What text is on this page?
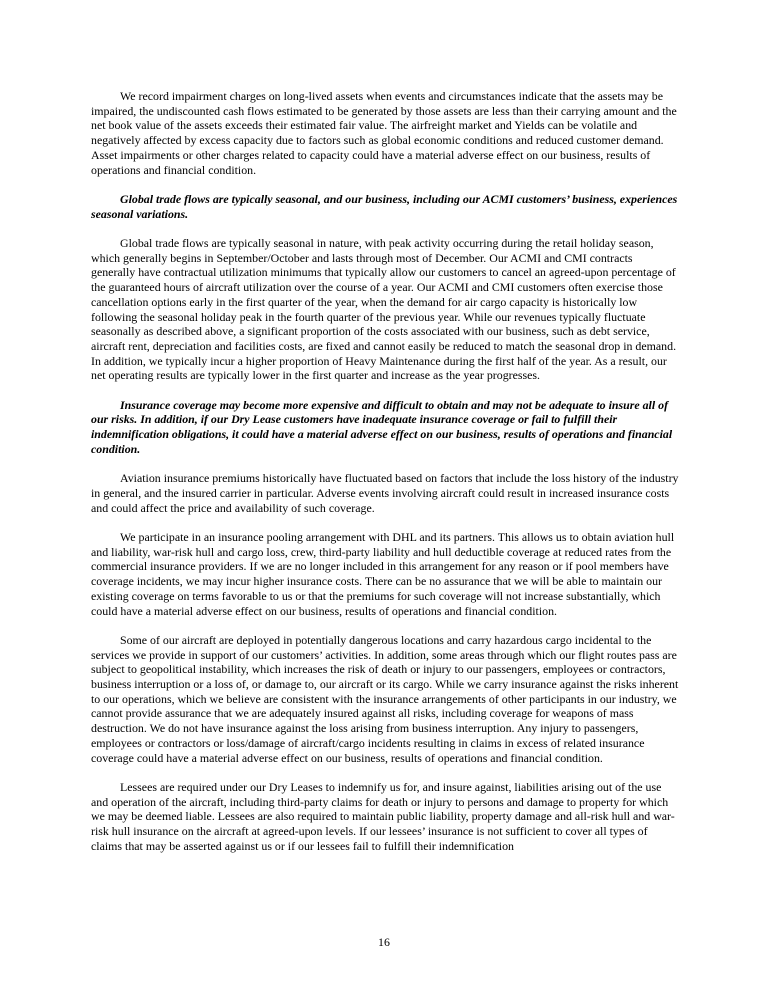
We record impairment charges on long-lived assets when events and circumstances indicate that the assets may be impaired, the undiscounted cash flows estimated to be generated by those assets are less than their carrying amount and the net book value of the assets exceeds their estimated fair value. The airfreight market and Yields can be volatile and negatively affected by excess capacity due to factors such as global economic conditions and reduced customer demand. Asset impairments or other charges related to capacity could have a material adverse effect on our business, results of operations and financial condition.

Global trade flows are typically seasonal, and our business, including our ACMI customers’ business, experiences seasonal variations.

Global trade flows are typically seasonal in nature, with peak activity occurring during the retail holiday season, which generally begins in September/October and lasts through most of December. Our ACMI and CMI contracts generally have contractual utilization minimums that typically allow our customers to cancel an agreed-upon percentage of the guaranteed hours of aircraft utilization over the course of a year. Our ACMI and CMI customers often exercise those cancellation options early in the first quarter of the year, when the demand for air cargo capacity is historically low following the seasonal holiday peak in the fourth quarter of the previous year. While our revenues typically fluctuate seasonally as described above, a significant proportion of the costs associated with our business, such as debt service, aircraft rent, depreciation and facilities costs, are fixed and cannot easily be reduced to match the seasonal drop in demand. In addition, we typically incur a higher proportion of Heavy Maintenance during the first half of the year. As a result, our net operating results are typically lower in the first quarter and increase as the year progresses.

Insurance coverage may become more expensive and difficult to obtain and may not be adequate to insure all of our risks. In addition, if our Dry Lease customers have inadequate insurance coverage or fail to fulfill their indemnification obligations, it could have a material adverse effect on our business, results of operations and financial condition.

Aviation insurance premiums historically have fluctuated based on factors that include the loss history of the industry in general, and the insured carrier in particular. Adverse events involving aircraft could result in increased insurance costs and could affect the price and availability of such coverage.

We participate in an insurance pooling arrangement with DHL and its partners. This allows us to obtain aviation hull and liability, war-risk hull and cargo loss, crew, third-party liability and hull deductible coverage at reduced rates from the commercial insurance providers. If we are no longer included in this arrangement for any reason or if pool members have coverage incidents, we may incur higher insurance costs. There can be no assurance that we will be able to maintain our existing coverage on terms favorable to us or that the premiums for such coverage will not increase substantially, which could have a material adverse effect on our business, results of operations and financial condition.

Some of our aircraft are deployed in potentially dangerous locations and carry hazardous cargo incidental to the services we provide in support of our customers’ activities. In addition, some areas through which our flight routes pass are subject to geopolitical instability, which increases the risk of death or injury to our passengers, employees or contractors, business interruption or a loss of, or damage to, our aircraft or its cargo. While we carry insurance against the risks inherent to our operations, which we believe are consistent with the insurance arrangements of other participants in our industry, we cannot provide assurance that we are adequately insured against all risks, including coverage for weapons of mass destruction. We do not have insurance against the loss arising from business interruption. Any injury to passengers, employees or contractors or loss/damage of aircraft/cargo incidents resulting in claims in excess of related insurance coverage could have a material adverse effect on our business, results of operations and financial condition.

Lessees are required under our Dry Leases to indemnify us for, and insure against, liabilities arising out of the use and operation of the aircraft, including third-party claims for death or injury to persons and damage to property for which we may be deemed liable. Lessees are also required to maintain public liability, property damage and all-risk hull and war-risk hull insurance on the aircraft at agreed-upon levels. If our lessees’ insurance is not sufficient to cover all types of claims that may be asserted against us or if our lessees fail to fulfill their indemnification

16
